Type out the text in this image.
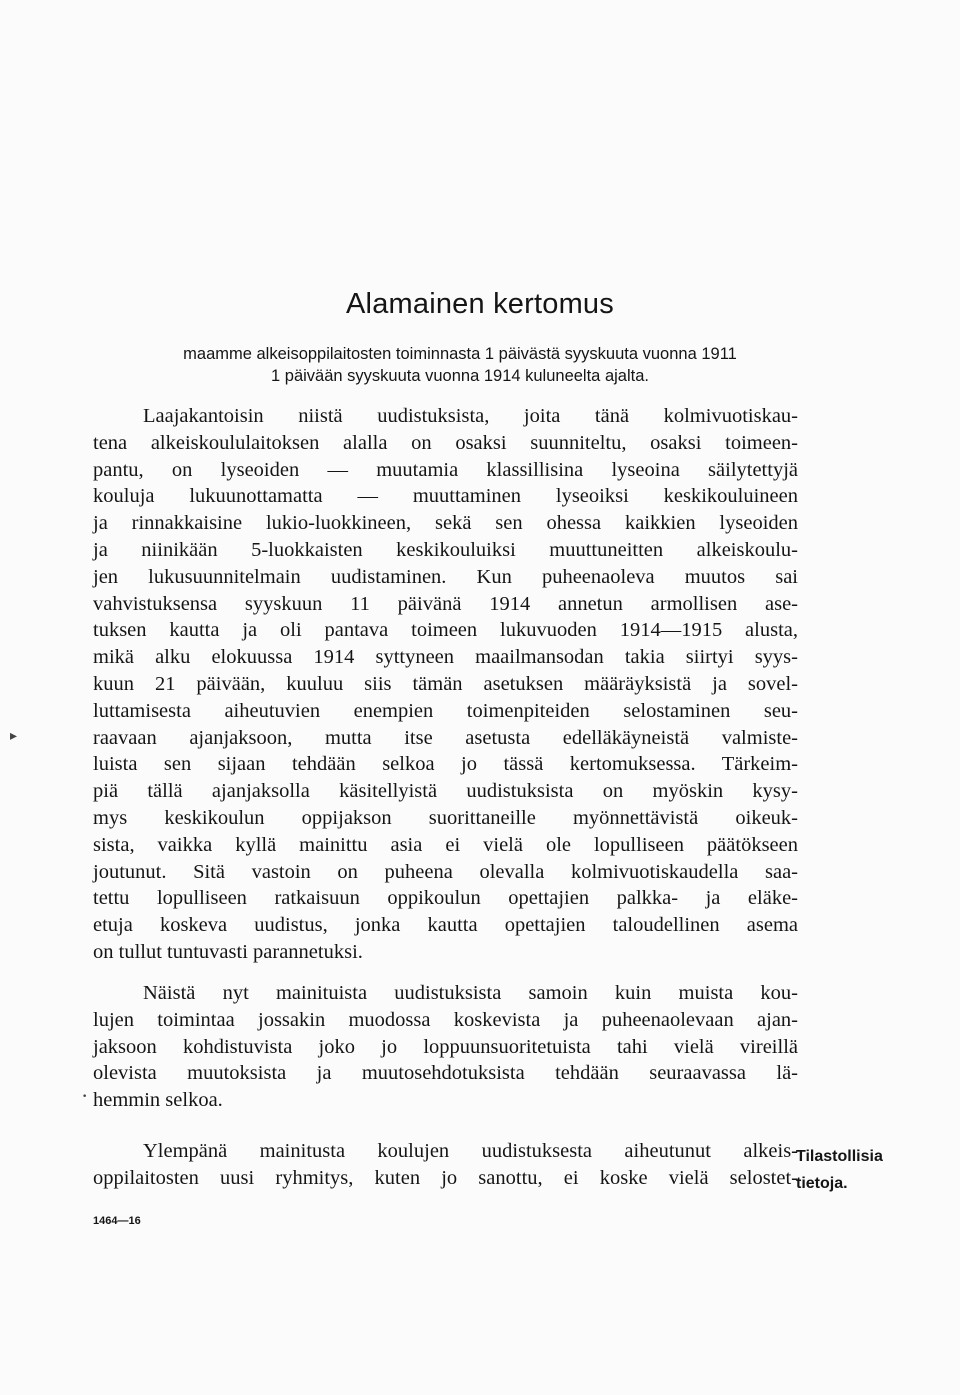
Alamainen kertomus
maamme alkeisoppilaitosten toiminnasta 1 päivästä syyskuuta vuonna 1911
1 päivään syyskuuta vuonna 1914 kuluneelta ajalta.
Laajakantoisin niistä uudistuksista, joita tänä kolmivuotiskau-
tena alkeiskoululaitoksen alalla on osaksi suunniteltu, osaksi toimeen-
pantu, on lyseoiden — muutamia klassillisina lyseoina säilytettyjä
kouluja lukuunottamatta — muuttaminen lyseoiksi keskikouluineen
ja rinnakkaisine lukio-luokkineen, sekä sen ohessa kaikkien lyseoiden
ja niinikään 5-luokkaisten keskikouluiksi muuttuneitten alkeiskoulu-
jen lukusuunnitelmain uudistaminen. Kun puheenaoleva muutos sai
vahvistuksensa syyskuun 11 päivänä 1914 annetun armollisen ase-
tuksen kautta ja oli pantava toimeen lukuvuoden 1914—1915 alusta,
mikä alku elokuussa 1914 syttyneen maailmansodan takia siirtyi syys-
kuun 21 päivään, kuuluu siis tämän asetuksen määräyksistä ja sovel-
luttamisesta aiheutuvien enempien toimenpiteiden selostaminen seu-
raavaan ajanjaksoon, mutta itse asetusta edelläkäyneistä valmiste-
luista sen sijaan tehdään selkoa jo tässä kertomuksessa. Tärkeim-
piä tällä ajanjaksolla käsitellyistä uudistuksista on myöskin kysy-
mys keskikoulun oppijakson suorittaneille myönnettävistä oikeuk-
sista, vaikka kyllä mainittu asia ei vielä ole lopulliseen päätökseen
joutunut. Sitä vastoin on puheena olevalla kolmivuotiskaudella saa-
tettu lopulliseen ratkaisuun oppikoulun opettajien palkka- ja eläke-
etuja koskeva uudistus, jonka kautta opettajien taloudellinen asema
on tullut tuntuvasti parannetuksi.
Näistä nyt mainituista uudistuksista samoin kuin muista kou-
lujen toimintaa jossakin muodossa koskevista ja puheenaolevaan ajan-
jaksoon kohdistuvista joko jo loppuunsuoritetuista tahi vielä vireillä
olevista muutoksista ja muutosehdotuksista tehdään seuraavassa lä-
hemmin selkoa.
Ylempänä mainitusta koulujen uudistuksesta aiheutunut alkeis-
oppilaitosten uusi ryhmitys, kuten jo sanottu, ei koske vielä selostet-
Tilastollisia
tietoja.
1464—16
▸
•
